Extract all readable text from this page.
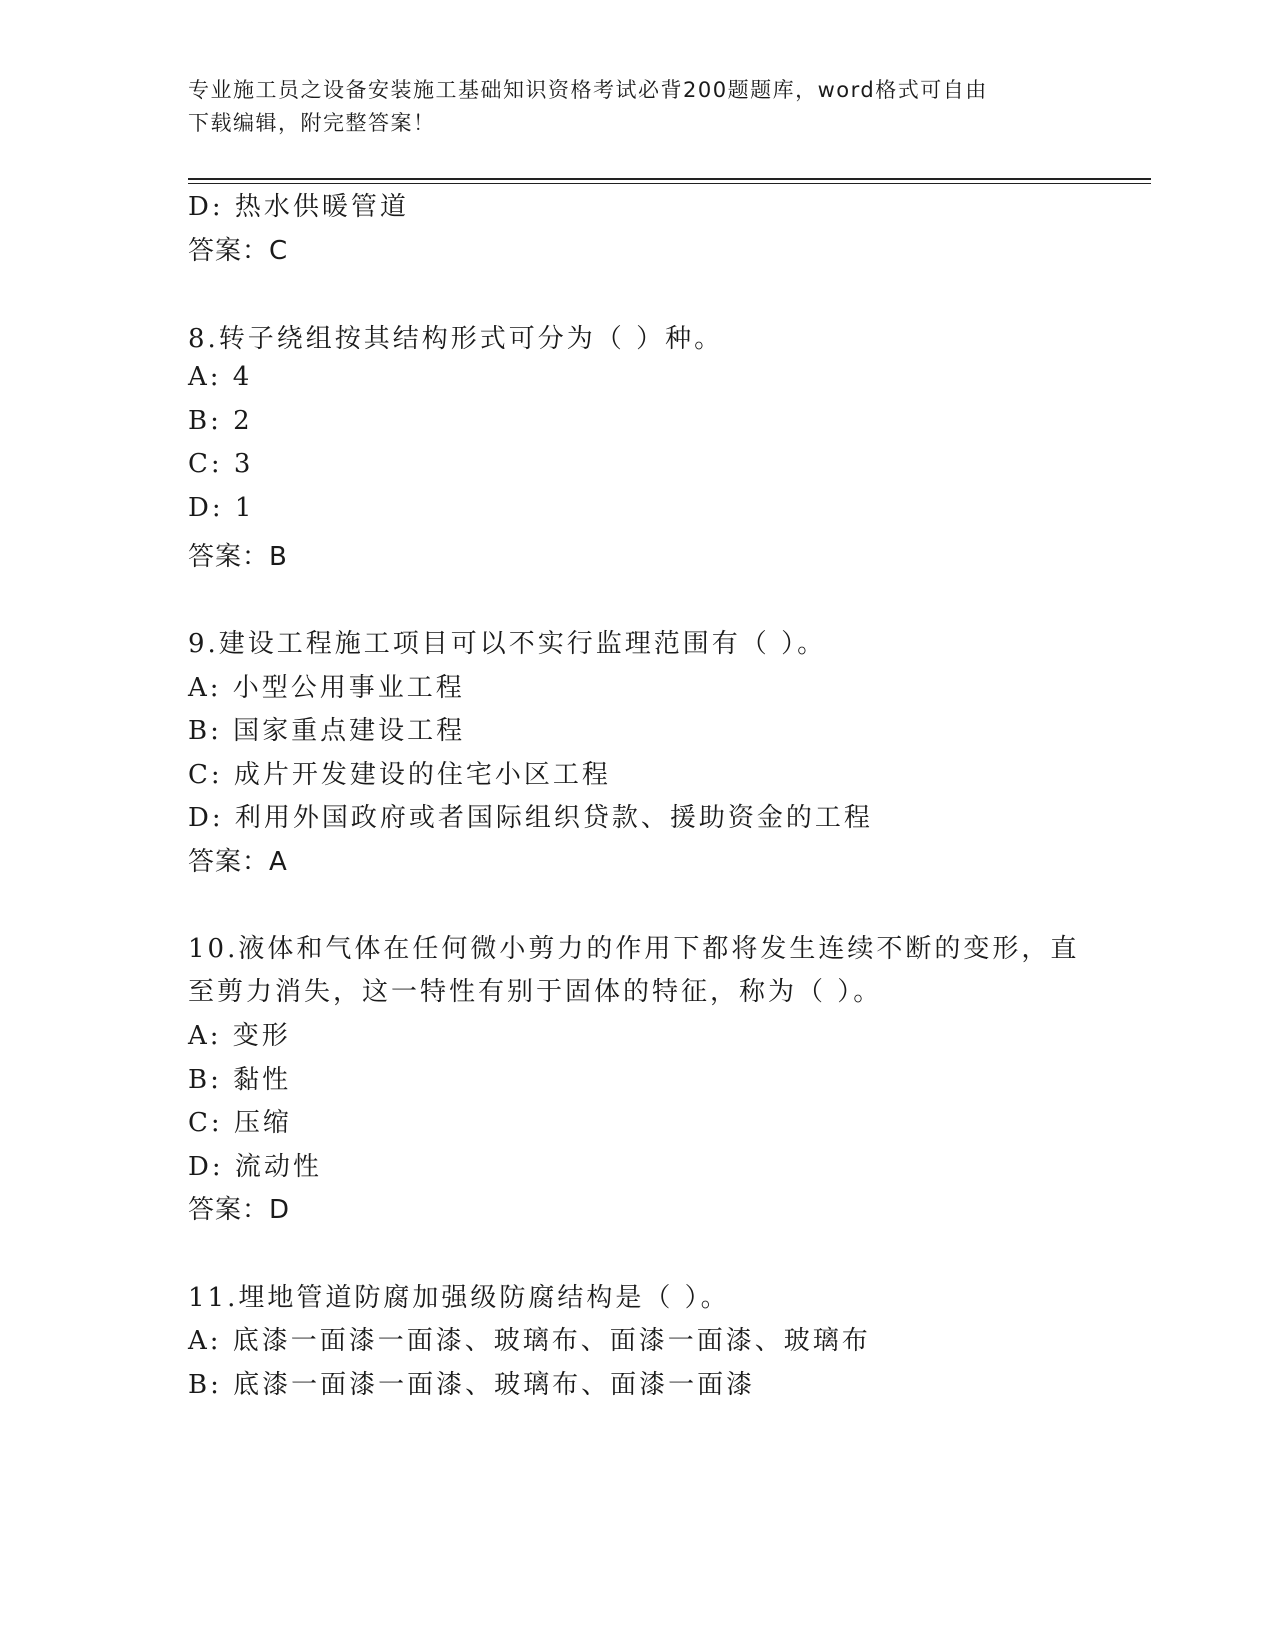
专业施工员之设备安装施工基础知识资格考试必背200题题库，word格式可自由
下载编辑，附完整答案！
D: 热水供暖管道
答案：C
8.转子绕组按其结构形式可分为（ ）种。
A: 4
B: 2
C: 3
D: 1
答案：B
9.建设工程施工项目可以不实行监理范围有（ ）。
A: 小型公用事业工程
B: 国家重点建设工程
C: 成片开发建设的住宅小区工程
D: 利用外国政府或者国际组织贷款、援助资金的工程
答案：A
10.液体和气体在任何微小剪力的作用下都将发生连续不断的变形，直
至剪力消失，这一特性有别于固体的特征，称为（ ）。
A: 变形
B: 黏性
C: 压缩
D: 流动性
答案：D
11.埋地管道防腐加强级防腐结构是（ ）。
A: 底漆一面漆一面漆、玻璃布、面漆一面漆、玻璃布
B: 底漆一面漆一面漆、玻璃布、面漆一面漆
